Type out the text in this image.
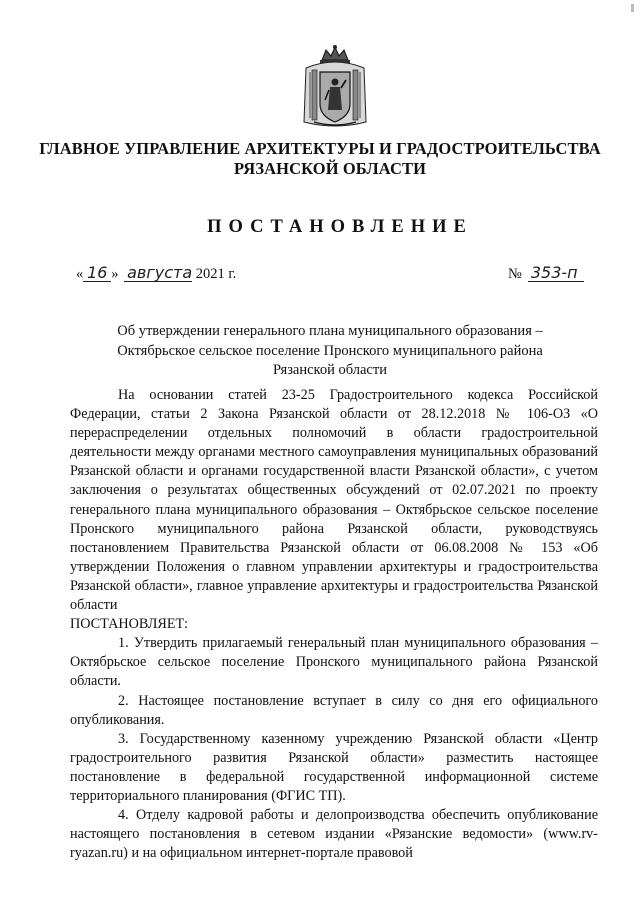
ГЛАВНОЕ УПРАВЛЕНИЕ АРХИТЕКТУРЫ И ГРАДОСТРОИТЕЛЬСТВА
РЯЗАНСКОЙ ОБЛАСТИ
ПОСТАНОВЛЕНИЕ
« 16 » августа 2021 г.	№ 353-п
Об утверждении генерального плана муниципального образования –
Октябрьское сельское поселение Пронского муниципального района
Рязанской области

На основании статей 23-25 Градостроительного кодекса Российской Федерации, статьи 2 Закона Рязанской области от 28.12.2018 № 106-ОЗ «О перераспределении отдельных полномочий в области градостроительной деятельности между органами местного самоуправления муниципальных образований Рязанской области и органами государственной власти Рязанской области», с учетом заключения о результатах общественных обсуждений от 02.07.2021 по проекту генерального плана муниципального образования – Октябрьское сельское поселение Пронского муниципального района Рязанской области, руководствуясь постановлением Правительства Рязанской области от 06.08.2008 № 153 «Об утверждении Положения о главном управлении архитектуры и градостроительства Рязанской области», главное управление архитектуры и градостроительства Рязанской области

ПОСТАНОВЛЯЕТ:

1. Утвердить прилагаемый генеральный план муниципального образования – Октябрьское сельское поселение Пронского муниципального района Рязанской области.

2. Настоящее постановление вступает в силу со дня его официального опубликования.

3. Государственному казенному учреждению Рязанской области «Центр градостроительного развития Рязанской области» разместить настоящее постановление в федеральной государственной информационной системе территориального планирования (ФГИС ТП).

4. Отделу кадровой работы и делопроизводства обеспечить опубликование настоящего постановления в сетевом издании «Рязанские ведомости» (www.rv-ryazan.ru) и на официальном интернет-портале правовой
